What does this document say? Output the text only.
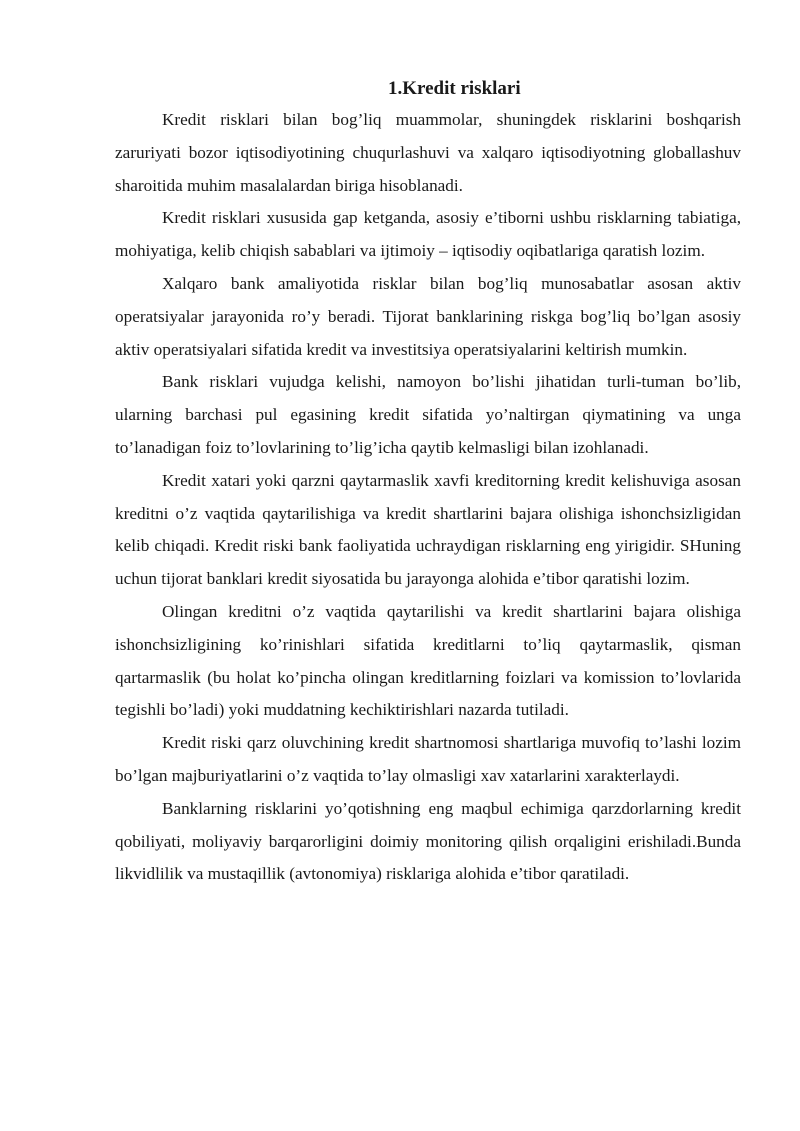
1.Kredit risklari

Kredit risklari bilan bog’liq muammolar, shuningdek risklarini boshqarish zaruriyati bozor iqtisodiyotining chuqurlashuvi va xalqaro iqtisodiyotning globallashuv sharoitida muhim masalalardan biriga hisoblanadi.

Kredit risklari xususida gap ketganda, asosiy e’tiborni ushbu risklarning tabiatiga, mohiyatiga, kelib chiqish sabablari va ijtimoiy – iqtisodiy oqibatlariga qaratish lozim.

Xalqaro bank amaliyotida risklar bilan bog’liq munosabatlar asosan aktiv operatsiyalar jarayonida ro’y beradi. Tijorat banklarining riskga bog’liq bo’lgan asosiy aktiv operatsiyalari sifatida kredit va investitsiya operatsiyalarini keltirish mumkin.

Bank risklari vujudga kelishi, namoyon bo’lishi jihatidan turli-tuman bo’lib, ularning barchasi pul egasining kredit sifatida yo’naltirgan qiymatining va unga to’lanadigan foiz to’lovlarining to’lig’icha qaytib kelmasligi bilan izohlanadi.

Kredit xatari yoki qarzni qaytarmaslik xavfi kreditorning kredit kelishuviga asosan kreditni o’z vaqtida qaytarilishiga va kredit shartlarini bajara olishiga ishonchsizligidan kelib chiqadi. Kredit riski bank faoliyatida uchraydigan risklarning eng yirigidir. SHuning uchun tijorat banklari kredit siyosatida bu jarayonga alohida e’tibor qaratishi lozim.

Olingan kreditni o’z vaqtida qaytarilishi va kredit shartlarini bajara olishiga ishonchsizligining ko’rinishlari sifatida kreditlarni to’liq qaytarmaslik, qisman qartarmaslik (bu holat ko’pincha olingan kreditlarning foizlari va komission to’lovlarida tegishli bo’ladi) yoki muddatning kechiktirishlari nazarda tutiladi.

Kredit riski qarz oluvchining kredit shartnomosi shartlariga muvofiq to’lashi lozim bo’lgan majburiyatlarini o’z vaqtida to’lay olmasligi xav xatarlarini xarakterlaydi.

Banklarning risklarini yo’qotishning eng maqbul echimiga qarzdorlarning kredit qobiliyati, moliyaviy barqarorligini doimiy monitoring qilish orqaligini erishiladi.Bunda likvidlilik va mustaqillik (avtonomiya) risklariga alohida e’tibor qaratiladi.
